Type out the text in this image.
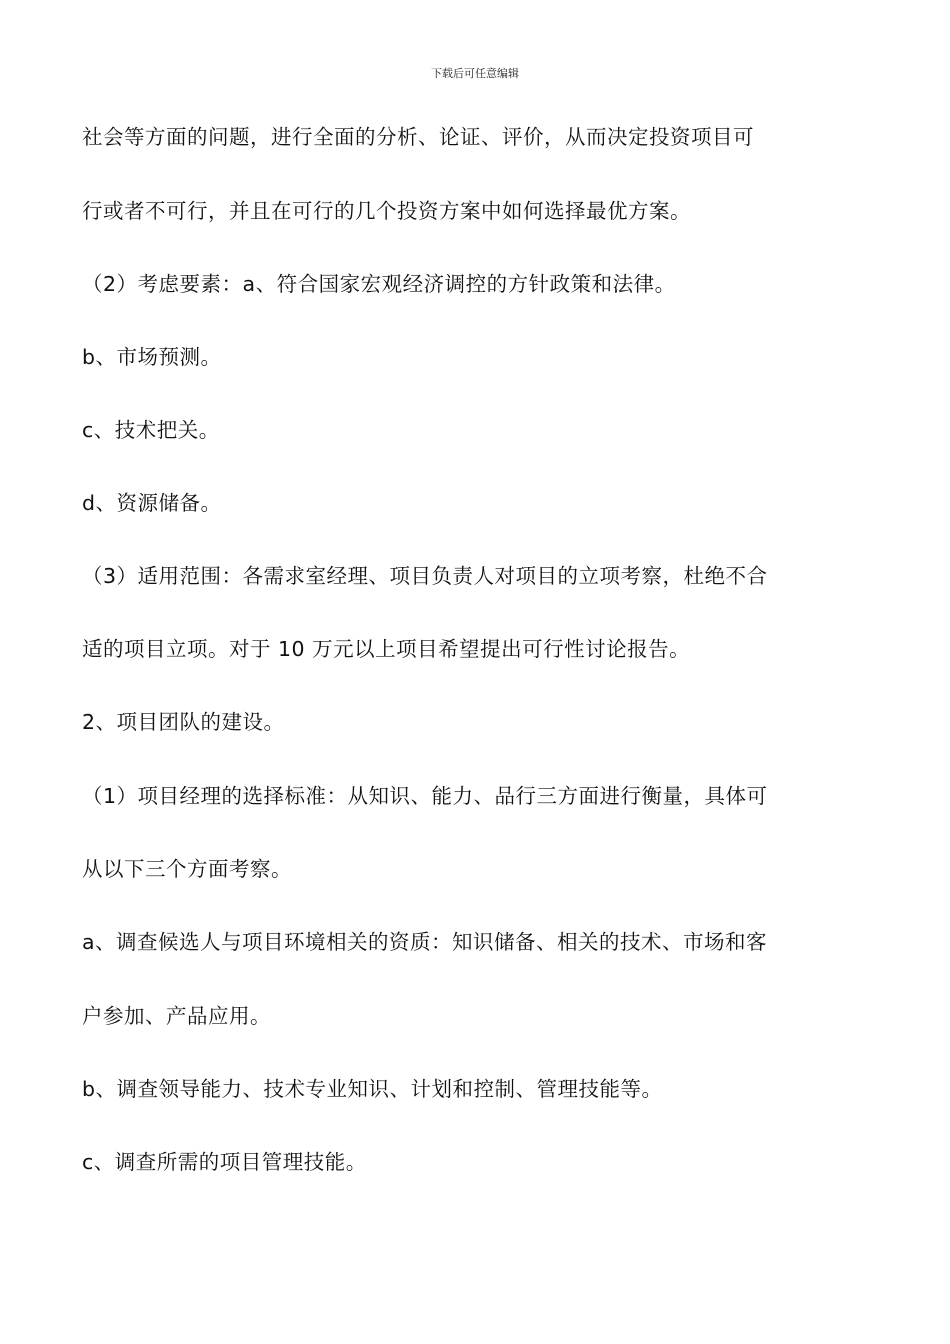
下载后可任意编辑
社会等方面的问题，进行全面的分析、论证、评价，从而决定投资项目可
行或者不可行，并且在可行的几个投资方案中如何选择最优方案。
（2）考虑要素：a、符合国家宏观经济调控的方针政策和法律。
b、市场预测。
c、技术把关。
d、资源储备。
（3）适用范围：各需求室经理、项目负责人对项目的立项考察，杜绝不合
适的项目立项。对于 10 万元以上项目希望提出可行性讨论报告。
2、项目团队的建设。
（1）项目经理的选择标准：从知识、能力、品行三方面进行衡量，具体可
从以下三个方面考察。
a、调查候选人与项目环境相关的资质：知识储备、相关的技术、市场和客
户参加、产品应用。
b、调查领导能力、技术专业知识、计划和控制、管理技能等。
c、调查所需的项目管理技能。
